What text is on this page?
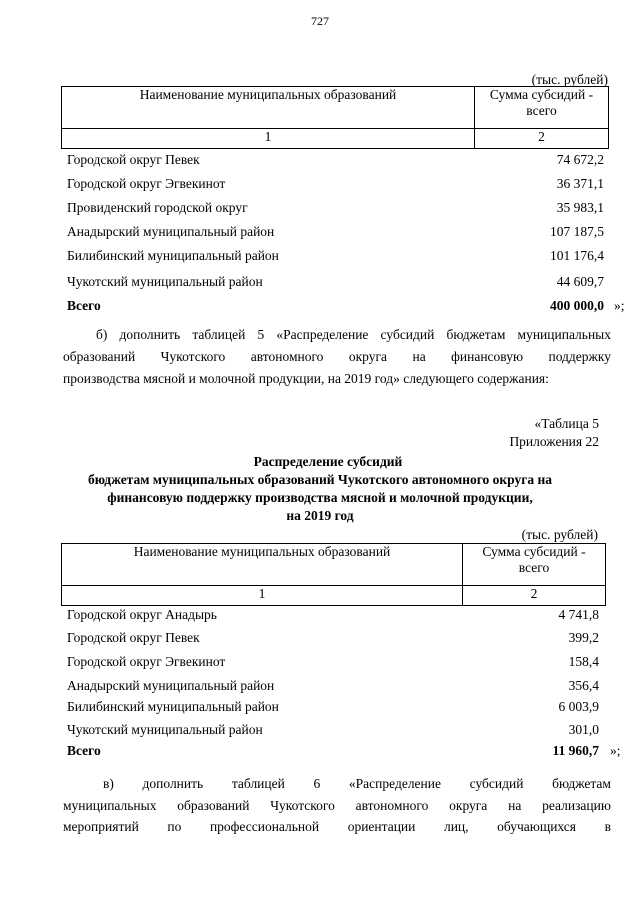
727
(тыс. рублей)
Наименование муниципальных образований	Сумма субсидий -
всего
1	2
Городской округ Певек	74 672,2
Городской округ Эгвекинот	36 371,1
Провиденский городской округ	35 983,1
Анадырский муниципальный район	107 187,5
Билибинский муниципальный район	101 176,4
Чукотский муниципальный район	44 609,7
Всего	400 000,0 »;
б) дополнить таблицей 5 «Распределение субсидий бюджетам муниципальных
образований Чукотского автономного округа на финансовую поддержку
производства мясной и молочной продукции, на 2019 год» следующего содержания:
«Таблица 5
Приложения 22
Распределение субсидий
бюджетам муниципальных образований Чукотского автономного округа на
финансовую поддержку производства мясной и молочной продукции,
на 2019 год
(тыс. рублей)
Наименование муниципальных образований	Сумма субсидий -
всего
1	2
Городской округ Анадырь	4 741,8
Городской округ Певек	399,2
Городской округ Эгвекинот	158,4
Анадырский муниципальный район	356,4
Билибинский муниципальный район	6 003,9
Чукотский муниципальный район	301,0
Всего	11 960,7 »;
в) дополнить таблицей 6 «Распределение субсидий бюджетам
муниципальных образований Чукотского автономного округа на реализацию
мероприятий по профессиональной ориентации лиц, обучающихся в
